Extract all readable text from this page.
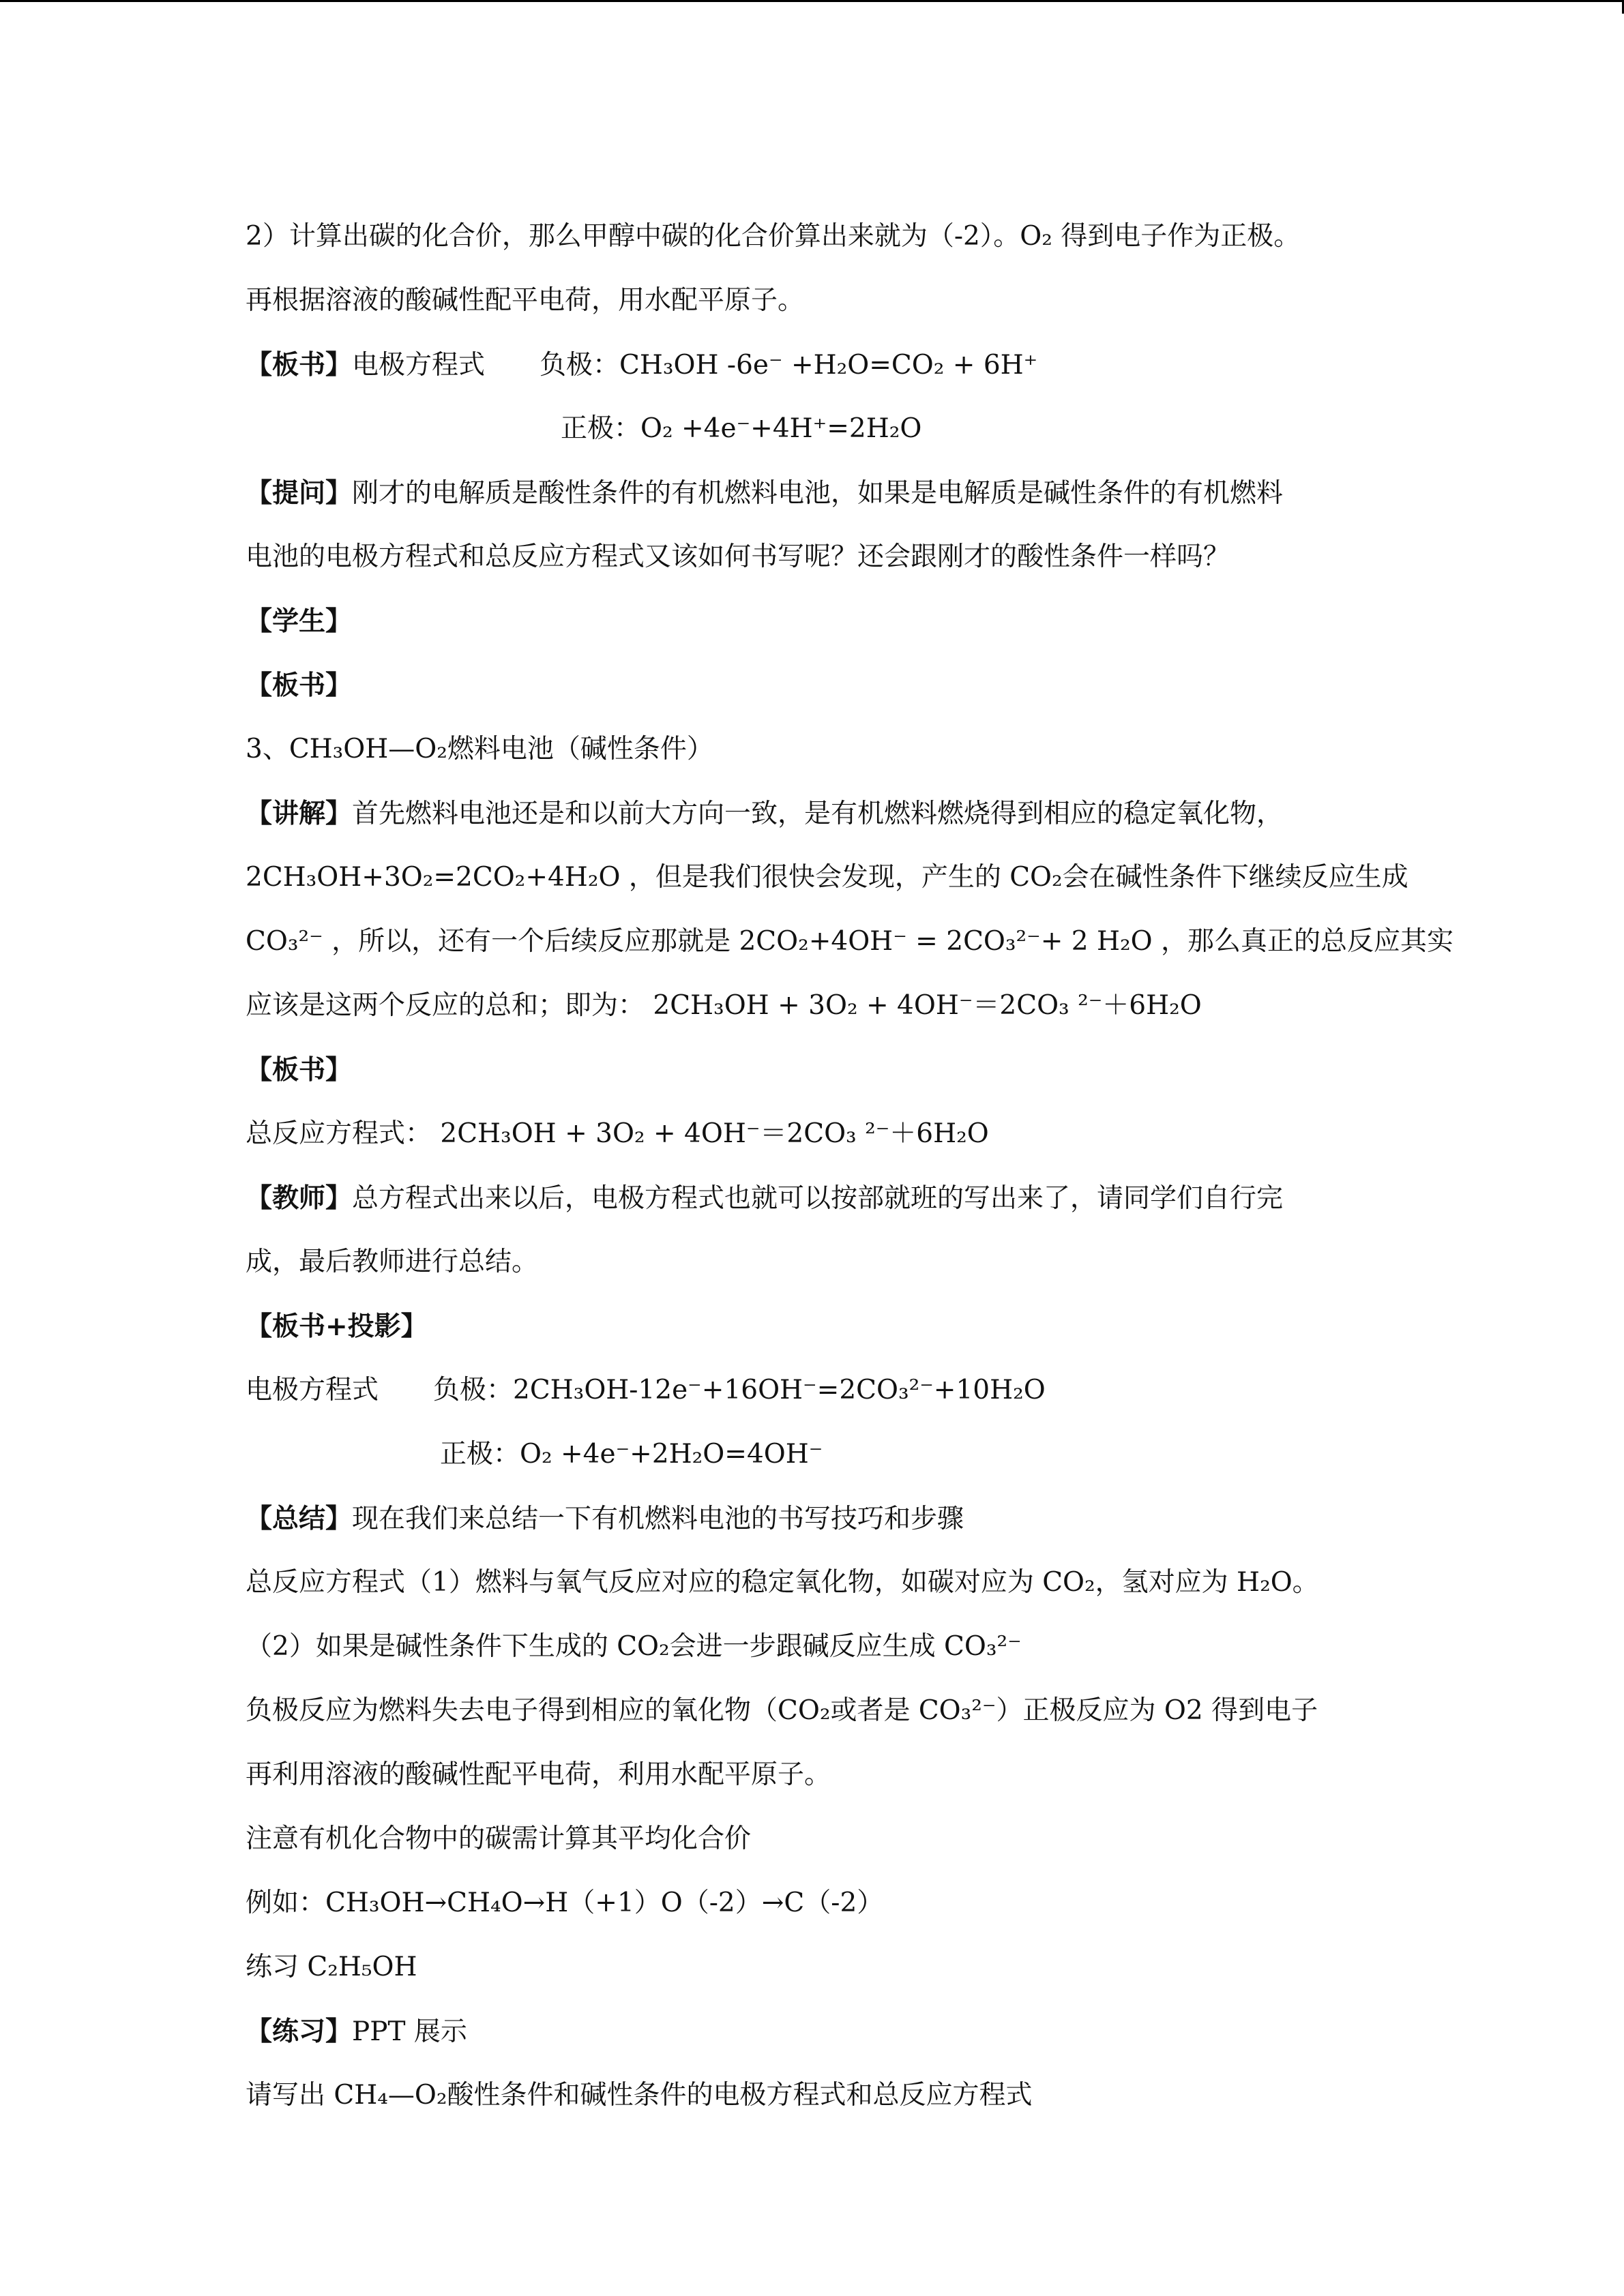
2）计算出碳的化合价，那么甲醇中碳的化合价算出来就为（-2）。O₂ 得到电子作为正极。
再根据溶液的酸碱性配平电荷，用水配平原子。
【板书】电极方程式 负极：CH₃OH -6e⁻ +H₂O=CO₂ + 6H⁺
正极：O₂ +4e⁻+4H⁺=2H₂O
【提问】刚才的电解质是酸性条件的有机燃料电池，如果是电解质是碱性条件的有机燃料
电池的电极方程式和总反应方程式又该如何书写呢？还会跟刚才的酸性条件一样吗？
【学生】
【板书】
3、CH₃OH—O₂燃料电池（碱性条件）
【讲解】首先燃料电池还是和以前大方向一致，是有机燃料燃烧得到相应的稳定氧化物，
2CH₃OH+3O₂=2CO₂+4H₂O ，但是我们很快会发现，产生的 CO₂会在碱性条件下继续反应生成
CO₃²⁻ ，所以，还有一个后续反应那就是 2CO₂+4OH⁻ = 2CO₃²⁻+ 2 H₂O ，那么真正的总反应其实
应该是这两个反应的总和；即为： 2CH₃OH + 3O₂ + 4OH⁻＝2CO₃ ²⁻＋6H₂O
【板书】
总反应方程式： 2CH₃OH + 3O₂ + 4OH⁻＝2CO₃ ²⁻＋6H₂O
【教师】总方程式出来以后，电极方程式也就可以按部就班的写出来了，请同学们自行完
成，最后教师进行总结。
【板书+投影】
电极方程式 负极：2CH₃OH-12e⁻+16OH⁻=2CO₃²⁻+10H₂O
正极：O₂ +4e⁻+2H₂O=4OH⁻
【总结】现在我们来总结一下有机燃料电池的书写技巧和步骤
总反应方程式（1）燃料与氧气反应对应的稳定氧化物，如碳对应为 CO₂，氢对应为 H₂O。
（2）如果是碱性条件下生成的 CO₂会进一步跟碱反应生成 CO₃²⁻
负极反应为燃料失去电子得到相应的氧化物（CO₂或者是 CO₃²⁻）正极反应为 O2 得到电子
再利用溶液的酸碱性配平电荷，利用水配平原子。
注意有机化合物中的碳需计算其平均化合价
例如：CH₃OH→CH₄O→H（+1）O（-2）→C（-2）
练习 C₂H₅OH
【练习】PPT 展示
请写出 CH₄—O₂酸性条件和碱性条件的电极方程式和总反应方程式
